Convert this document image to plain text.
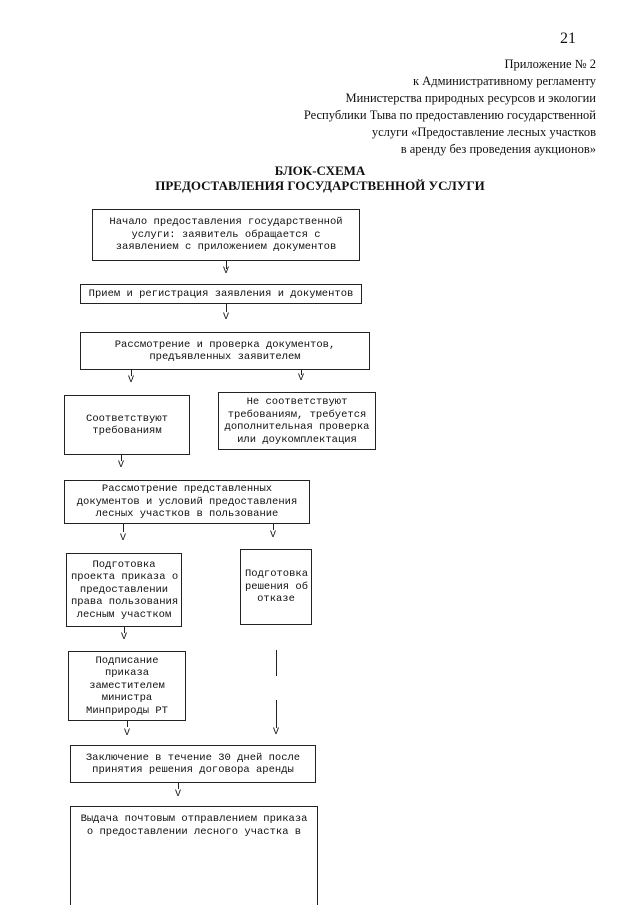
21
Приложение № 2
к Административному регламенту
Министерства природных ресурсов и экологии
Республики Тыва по предоставлению государственной
услуги «Предоставление лесных участков
в аренду без проведения аукционов»
БЛОК-СХЕМА
ПРЕДОСТАВЛЕНИЯ ГОСУДАРСТВЕННОЙ УСЛУГИ
Начало предоставления государственной
услуги: заявитель обращается с
заявлением с приложением документов
V
Прием и регистрация заявления и документов
V
Рассмотрение и проверка документов,
предъявленных заявителем
V	V
Соответствуют
требованиям
Не соответствуют
требованиям, требуется
дополнительная проверка
или доукомплектация
V
Рассмотрение представленных
документов и условий предоставления
лесных участков в пользование
V	V
Подготовка
проекта приказа о
предоставлении
права пользования
лесным участком
Подготовка
решения об
отказе
V
V
Подписание
приказа
заместителем
министра
Минприроды РТ
V
Заключение в течение 30 дней после
принятия решения договора аренды
V
Выдача почтовым отправлением приказа
о предоставлении лесного участка в
